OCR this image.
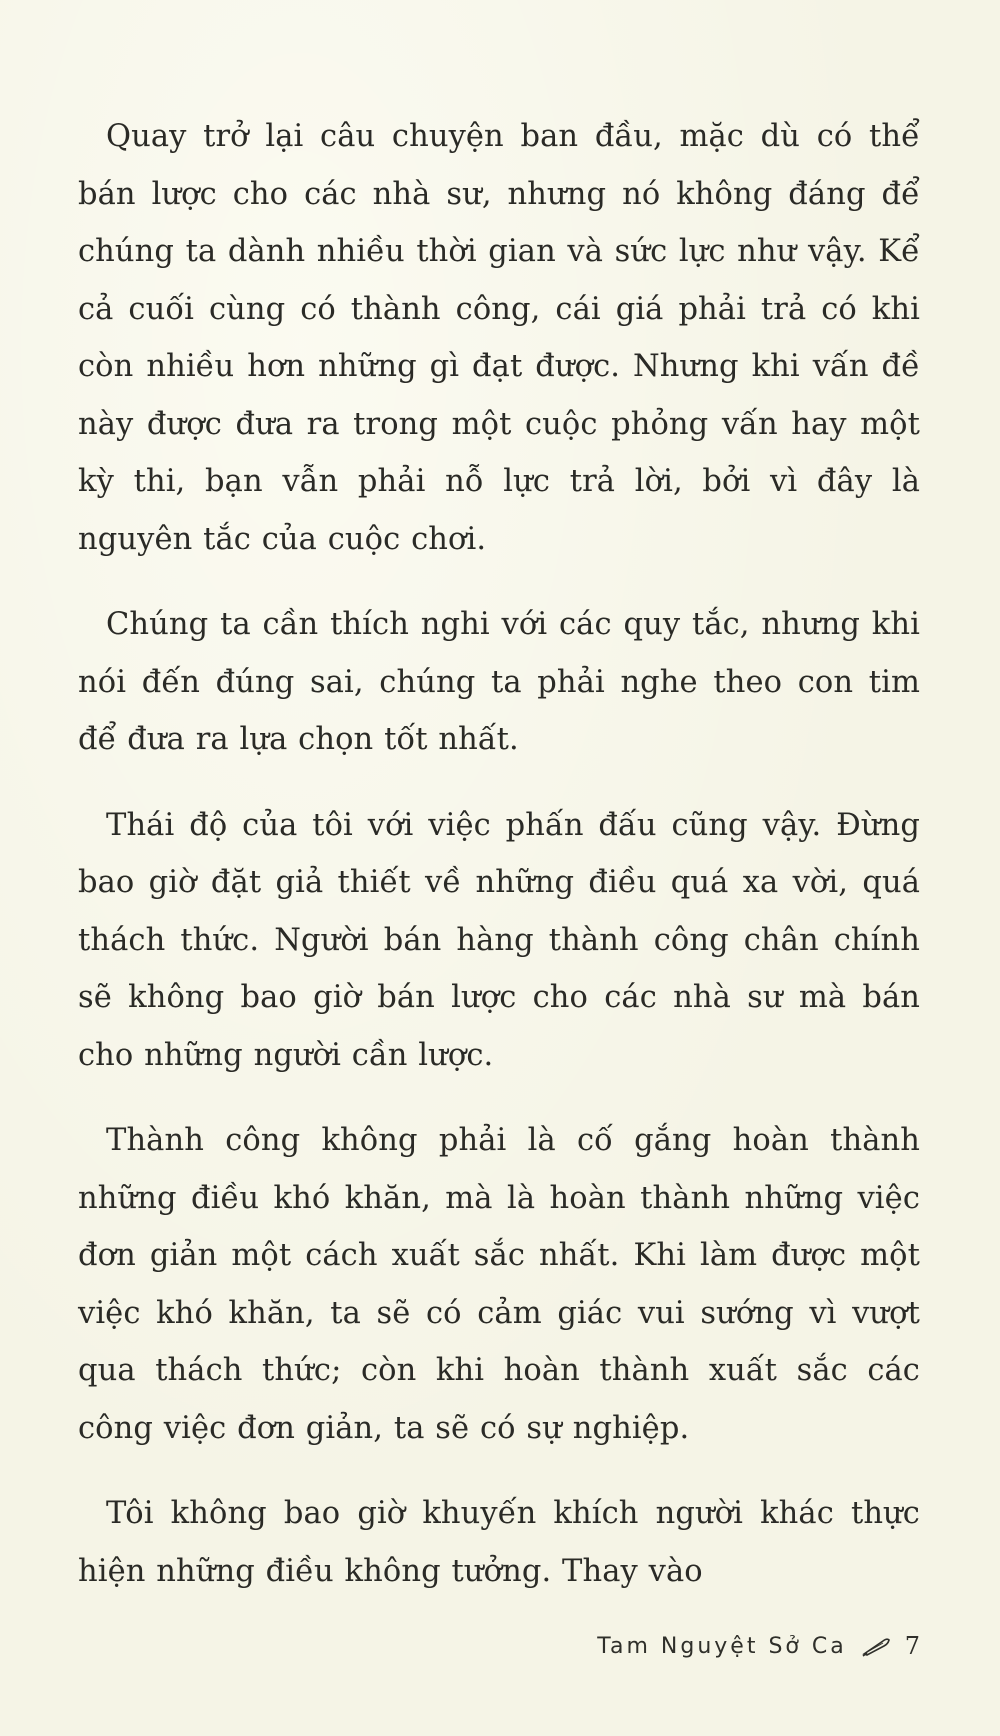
Quay trở lại câu chuyện ban đầu, mặc dù có thể bán lược cho các nhà sư, nhưng nó không đáng để chúng ta dành nhiều thời gian và sức lực như vậy. Kể cả cuối cùng có thành công, cái giá phải trả có khi còn nhiều hơn những gì đạt được. Nhưng khi vấn đề này được đưa ra trong một cuộc phỏng vấn hay một kỳ thi, bạn vẫn phải nỗ lực trả lời, bởi vì đây là nguyên tắc của cuộc chơi.

Chúng ta cần thích nghi với các quy tắc, nhưng khi nói đến đúng sai, chúng ta phải nghe theo con tim để đưa ra lựa chọn tốt nhất.

Thái độ của tôi với việc phấn đấu cũng vậy. Đừng bao giờ đặt giả thiết về những điều quá xa vời, quá thách thức. Người bán hàng thành công chân chính sẽ không bao giờ bán lược cho các nhà sư mà bán cho những người cần lược.

Thành công không phải là cố gắng hoàn thành những điều khó khăn, mà là hoàn thành những việc đơn giản một cách xuất sắc nhất. Khi làm được một việc khó khăn, ta sẽ có cảm giác vui sướng vì vượt qua thách thức; còn khi hoàn thành xuất sắc các công việc đơn giản, ta sẽ có sự nghiệp.

Tôi không bao giờ khuyến khích người khác thực hiện những điều không tưởng. Thay vào

Tam Nguyệt Sở Ca 7
